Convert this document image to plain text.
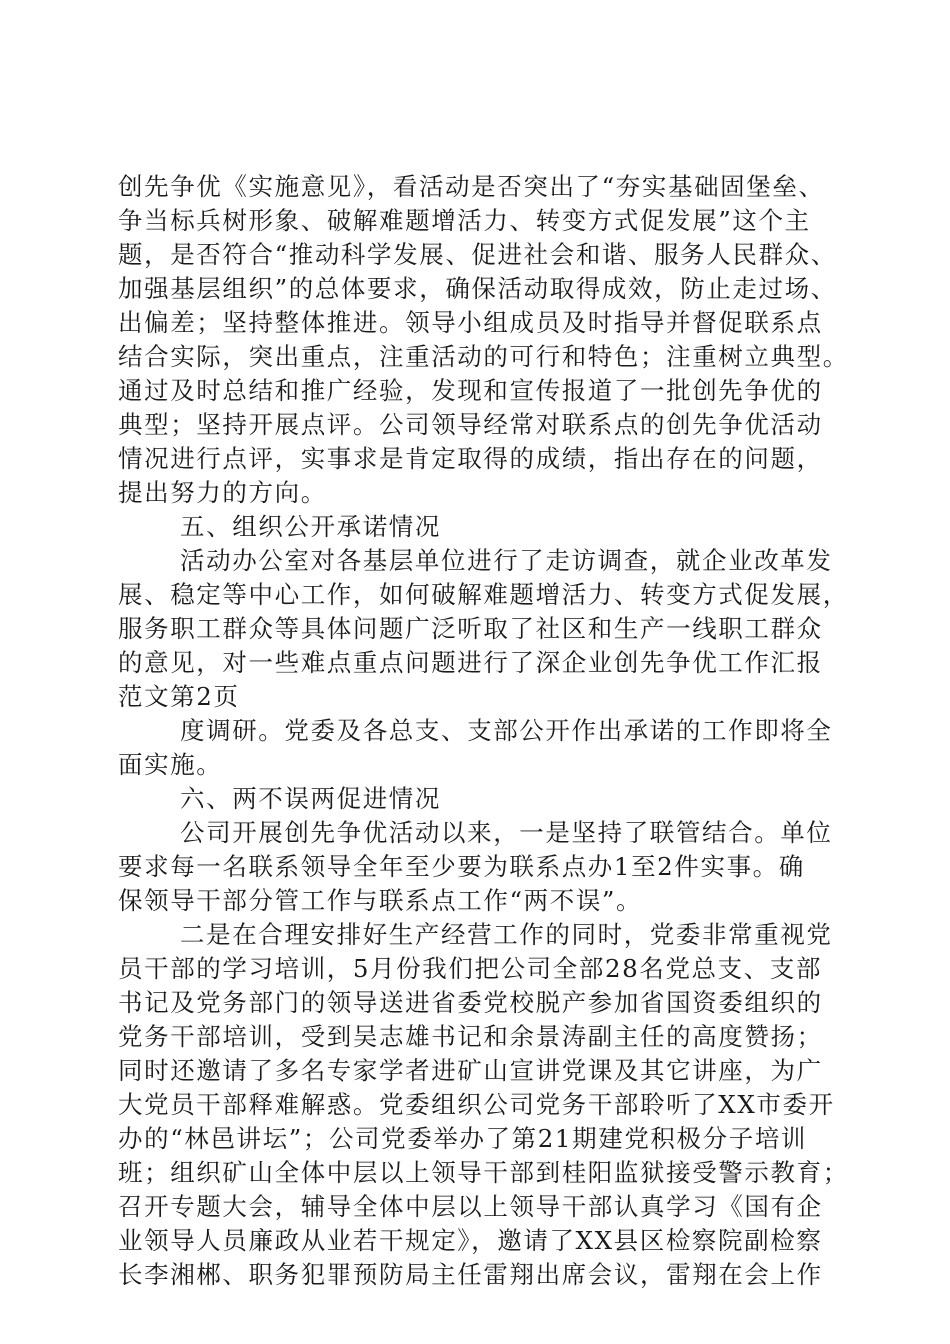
创先争优《实施意见》，看活动是否突出了“夯实基础固堡垒、
争当标兵树形象、破解难题增活力、转变方式促发展”这个主
题，是否符合“推动科学发展、促进社会和谐、服务人民群众、
加强基层组织”的总体要求，确保活动取得成效，防止走过场、
出偏差；坚持整体推进。领导小组成员及时指导并督促联系点
结合实际，突出重点，注重活动的可行和特色；注重树立典型。
通过及时总结和推广经验，发现和宣传报道了一批创先争优的
典型；坚持开展点评。公司领导经常对联系点的创先争优活动
情况进行点评，实事求是肯定取得的成绩，指出存在的问题，
提出努力的方向。
五、组织公开承诺情况
活动办公室对各基层单位进行了走访调查，就企业改革发
展、稳定等中心工作，如何破解难题增活力、转变方式促发展，
服务职工群众等具体问题广泛听取了社区和生产一线职工群众
的意见，对一些难点重点问题进行了深企业创先争优工作汇报
范文第2页
度调研。党委及各总支、支部公开作出承诺的工作即将全
面实施。
六、两不误两促进情况
公司开展创先争优活动以来，一是坚持了联管结合。单位
要求每一名联系领导全年至少要为联系点办1至2件实事。确
保领导干部分管工作与联系点工作“两不误”。
二是在合理安排好生产经营工作的同时，党委非常重视党
员干部的学习培训，5月份我们把公司全部28名党总支、支部
书记及党务部门的领导送进省委党校脱产参加省国资委组织的
党务干部培训，受到吴志雄书记和余景涛副主任的高度赞扬；
同时还邀请了多名专家学者进矿山宣讲党课及其它讲座，为广
大党员干部释难解惑。党委组织公司党务干部聆听了XX市委开
办的“林邑讲坛”；公司党委举办了第21期建党积极分子培训
班；组织矿山全体中层以上领导干部到桂阳监狱接受警示教育；
召开专题大会，辅导全体中层以上领导干部认真学习《国有企
业领导人员廉政从业若干规定》，邀请了XX县区检察院副检察
长李湘郴、职务犯罪预防局主任雷翔出席会议，雷翔在会上作
